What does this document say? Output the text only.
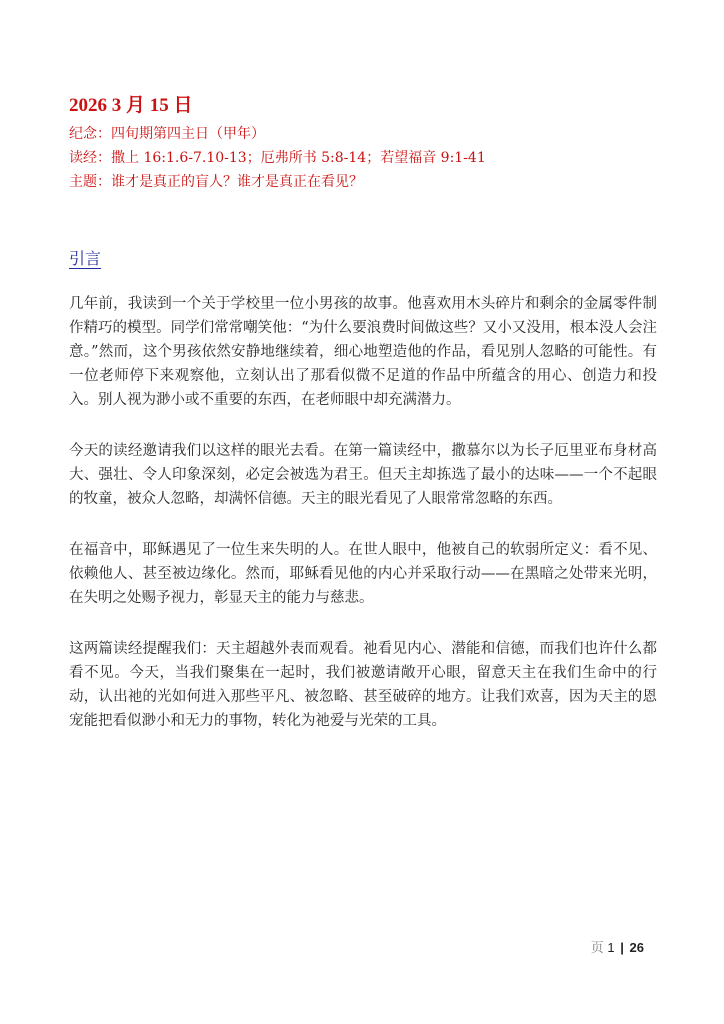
2026 3 月 15 日
纪念：四旬期第四主日（甲年）
读经：撒上 16:1.6-7.10-13；厄弗所书 5:8-14；若望福音 9:1-41
主题：谁才是真正的盲人？谁才是真正在看见？
引言

几年前，我读到一个关于学校里一位小男孩的故事。他喜欢用木头碎片和剩余的金属零件制作精巧的模型。同学们常常嘲笑他：“为什么要浪费时间做这些？又小又没用，根本没人会注意。”然而，这个男孩依然安静地继续着，细心地塑造他的作品，看见别人忽略的可能性。有一位老师停下来观察他，立刻认出了那看似微不足道的作品中所蕴含的用心、创造力和投入。别人视为渺小或不重要的东西，在老师眼中却充满潜力。

今天的读经邀请我们以这样的眼光去看。在第一篇读经中，撒慕尔以为长子厄里亚布身材高大、强壮、令人印象深刻，必定会被选为君王。但天主却拣选了最小的达味——一个不起眼的牧童，被众人忽略，却满怀信德。天主的眼光看见了人眼常常忽略的东西。

在福音中，耶稣遇见了一位生来失明的人。在世人眼中，他被自己的软弱所定义：看不见、依赖他人、甚至被边缘化。然而，耶稣看见他的内心并采取行动——在黑暗之处带来光明，在失明之处赐予视力，彰显天主的能力与慈悲。

这两篇读经提醒我们：天主超越外表而观看。祂看见内心、潜能和信德，而我们也许什么都看不见。今天，当我们聚集在一起时，我们被邀请敞开心眼，留意天主在我们生命中的行动，认出祂的光如何进入那些平凡、被忽略、甚至破碎的地方。让我们欢喜，因为天主的恩宠能把看似渺小和无力的事物，转化为祂爱与光荣的工具。

页 1 | 26
